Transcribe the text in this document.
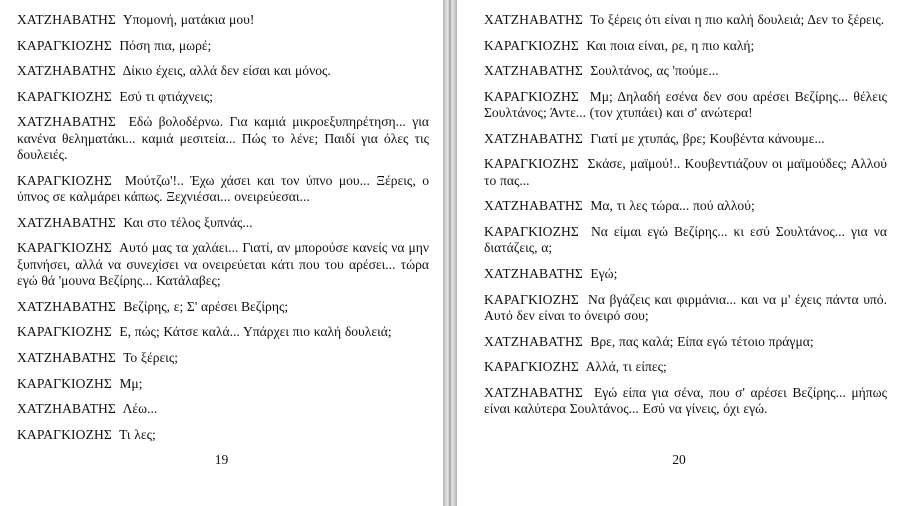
ΧΑΤΖΗΑΒΑΤΗΣ Υπομονή, ματάκια μου!

ΚΑΡΑΓΚΙΟΖΗΣ Πόση πια, μωρέ;

ΧΑΤΖΗΑΒΑΤΗΣ Δίκιο έχεις, αλλά δεν είσαι και μόνος.

ΚΑΡΑΓΚΙΟΖΗΣ Εσύ τι φτιάχνεις;

ΧΑΤΖΗΑΒΑΤΗΣ Εδώ βολοδέρνω. Για καμιά μικροεξυπηρέτηση... για κανένα θεληματάκι... καμιά μεσιτεία... Πώς το λένε; Παιδί για όλες τις δουλειές.

ΚΑΡΑΓΚΙΟΖΗΣ Μούτζω'!.. Έχω χάσει και τον ύπνο μου... Ξέρεις, ο ύπνος σε καλμάρει κάπως. Ξεχνιέσαι... ονειρεύεσαι...

ΧΑΤΖΗΑΒΑΤΗΣ Και στο τέλος ξυπνάς...

ΚΑΡΑΓΚΙΟΖΗΣ Αυτό μας τα χαλάει... Γιατί, αν μπορούσε κανείς να μην ξυπνήσει, αλλά να συνεχίσει να ονειρεύεται κάτι που του αρέσει... τώρα εγώ θά 'μουνα Βεζίρης... Κατάλαβες;

ΧΑΤΖΗΑΒΑΤΗΣ Βεζίρης, ε; Σ' αρέσει Βεζίρης;

ΚΑΡΑΓΚΙΟΖΗΣ Ε, πώς; Κάτσε καλά... Υπάρχει πιο καλή δουλειά;

ΧΑΤΖΗΑΒΑΤΗΣ Το ξέρεις;

ΚΑΡΑΓΚΙΟΖΗΣ Μμ;

ΧΑΤΖΗΑΒΑΤΗΣ Λέω...

ΚΑΡΑΓΚΙΟΖΗΣ Τι λες;

19

ΧΑΤΖΗΑΒΑΤΗΣ Το ξέρεις ότι είναι η πιο καλή δουλειά; Δεν το ξέρεις.

ΚΑΡΑΓΚΙΟΖΗΣ Και ποια είναι, ρε, η πιο καλή;

ΧΑΤΖΗΑΒΑΤΗΣ Σουλτάνος, ας 'πούμε...

ΚΑΡΑΓΚΙΟΖΗΣ Μμ; Δηλαδή εσένα δεν σου αρέσει Βεζίρης... θέλεις Σουλτάνος; Άντε... (τον χτυπάει) και σ' ανώτερα!

ΧΑΤΖΗΑΒΑΤΗΣ Γιατί με χτυπάς, βρε; Κουβέντα κάνουμε...

ΚΑΡΑΓΚΙΟΖΗΣ Σκάσε, μαϊμού!.. Κουβεντιάζουν οι μαϊμούδες; Αλλού το πας...

ΧΑΤΖΗΑΒΑΤΗΣ Μα, τι λες τώρα... πού αλλού;

ΚΑΡΑΓΚΙΟΖΗΣ Να είμαι εγώ Βεζίρης... κι εσύ Σουλτάνος... για να διατάζεις, α;

ΧΑΤΖΗΑΒΑΤΗΣ Εγώ;

ΚΑΡΑΓΚΙΟΖΗΣ Να βγάζεις και φιρμάνια... και να μ' έχεις πάντα υπό. Αυτό δεν είναι το όνειρό σου;

ΧΑΤΖΗΑΒΑΤΗΣ Βρε, πας καλά; Είπα εγώ τέτοιο πράγμα;

ΚΑΡΑΓΚΙΟΖΗΣ Αλλά, τι είπες;

ΧΑΤΖΗΑΒΑΤΗΣ Εγώ είπα για σένα, που σ' αρέσει Βεζίρης... μήπως είναι καλύτερα Σουλτάνος... Εσύ να γίνεις, όχι εγώ.

20
